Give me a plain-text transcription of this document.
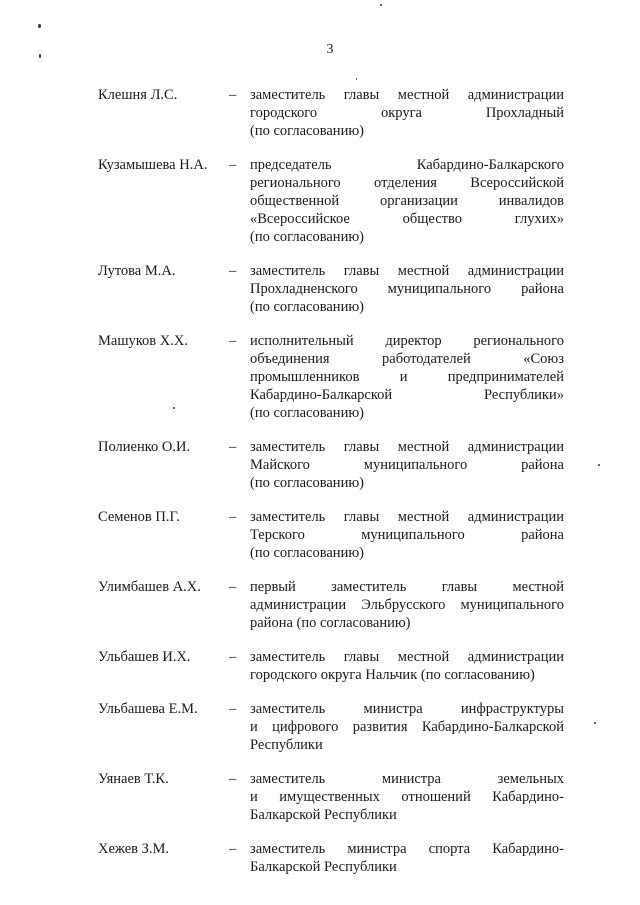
3
Клешня Л.С.	– заместитель главы местной администрации
городского округа Прохладный
(по согласованию)
Кузамышева Н.А. – председатель Кабардино-Балкарского
регионального отделения Всероссийской
общественной организации инвалидов
«Всероссийское общество глухих»
(по согласованию)
Лутова М.А.	– заместитель главы местной администрации
Прохладненского муниципального района
(по согласованию)
Машуков Х.Х.	– исполнительный директор регионального
объединения работодателей «Союз
промышленников и предпринимателей
Кабардино-Балкарской Республики»
(по согласованию)
Полиенко О.И.	– заместитель главы местной администрации
Майского муниципального района
(по согласованию)
Семенов П.Г.	– заместитель главы местной администрации
Терского муниципального района
(по согласованию)
Улимбашев А.Х. – первый заместитель главы местной
администрации Эльбрусского муниципального
района (по согласованию)
Ульбашев И.Х.	– заместитель главы местной администрации
городского округа Нальчик (по согласованию)
Ульбашева Е.М. – заместитель министра инфраструктуры
и цифрового развития Кабардино-Балкарской
Республики
Уянаев Т.К.	– заместитель министра земельных
и имущественных отношений Кабардино-
Балкарской Республики
Хежев З.М.	– заместитель министра спорта Кабардино-
Балкарской Республики
